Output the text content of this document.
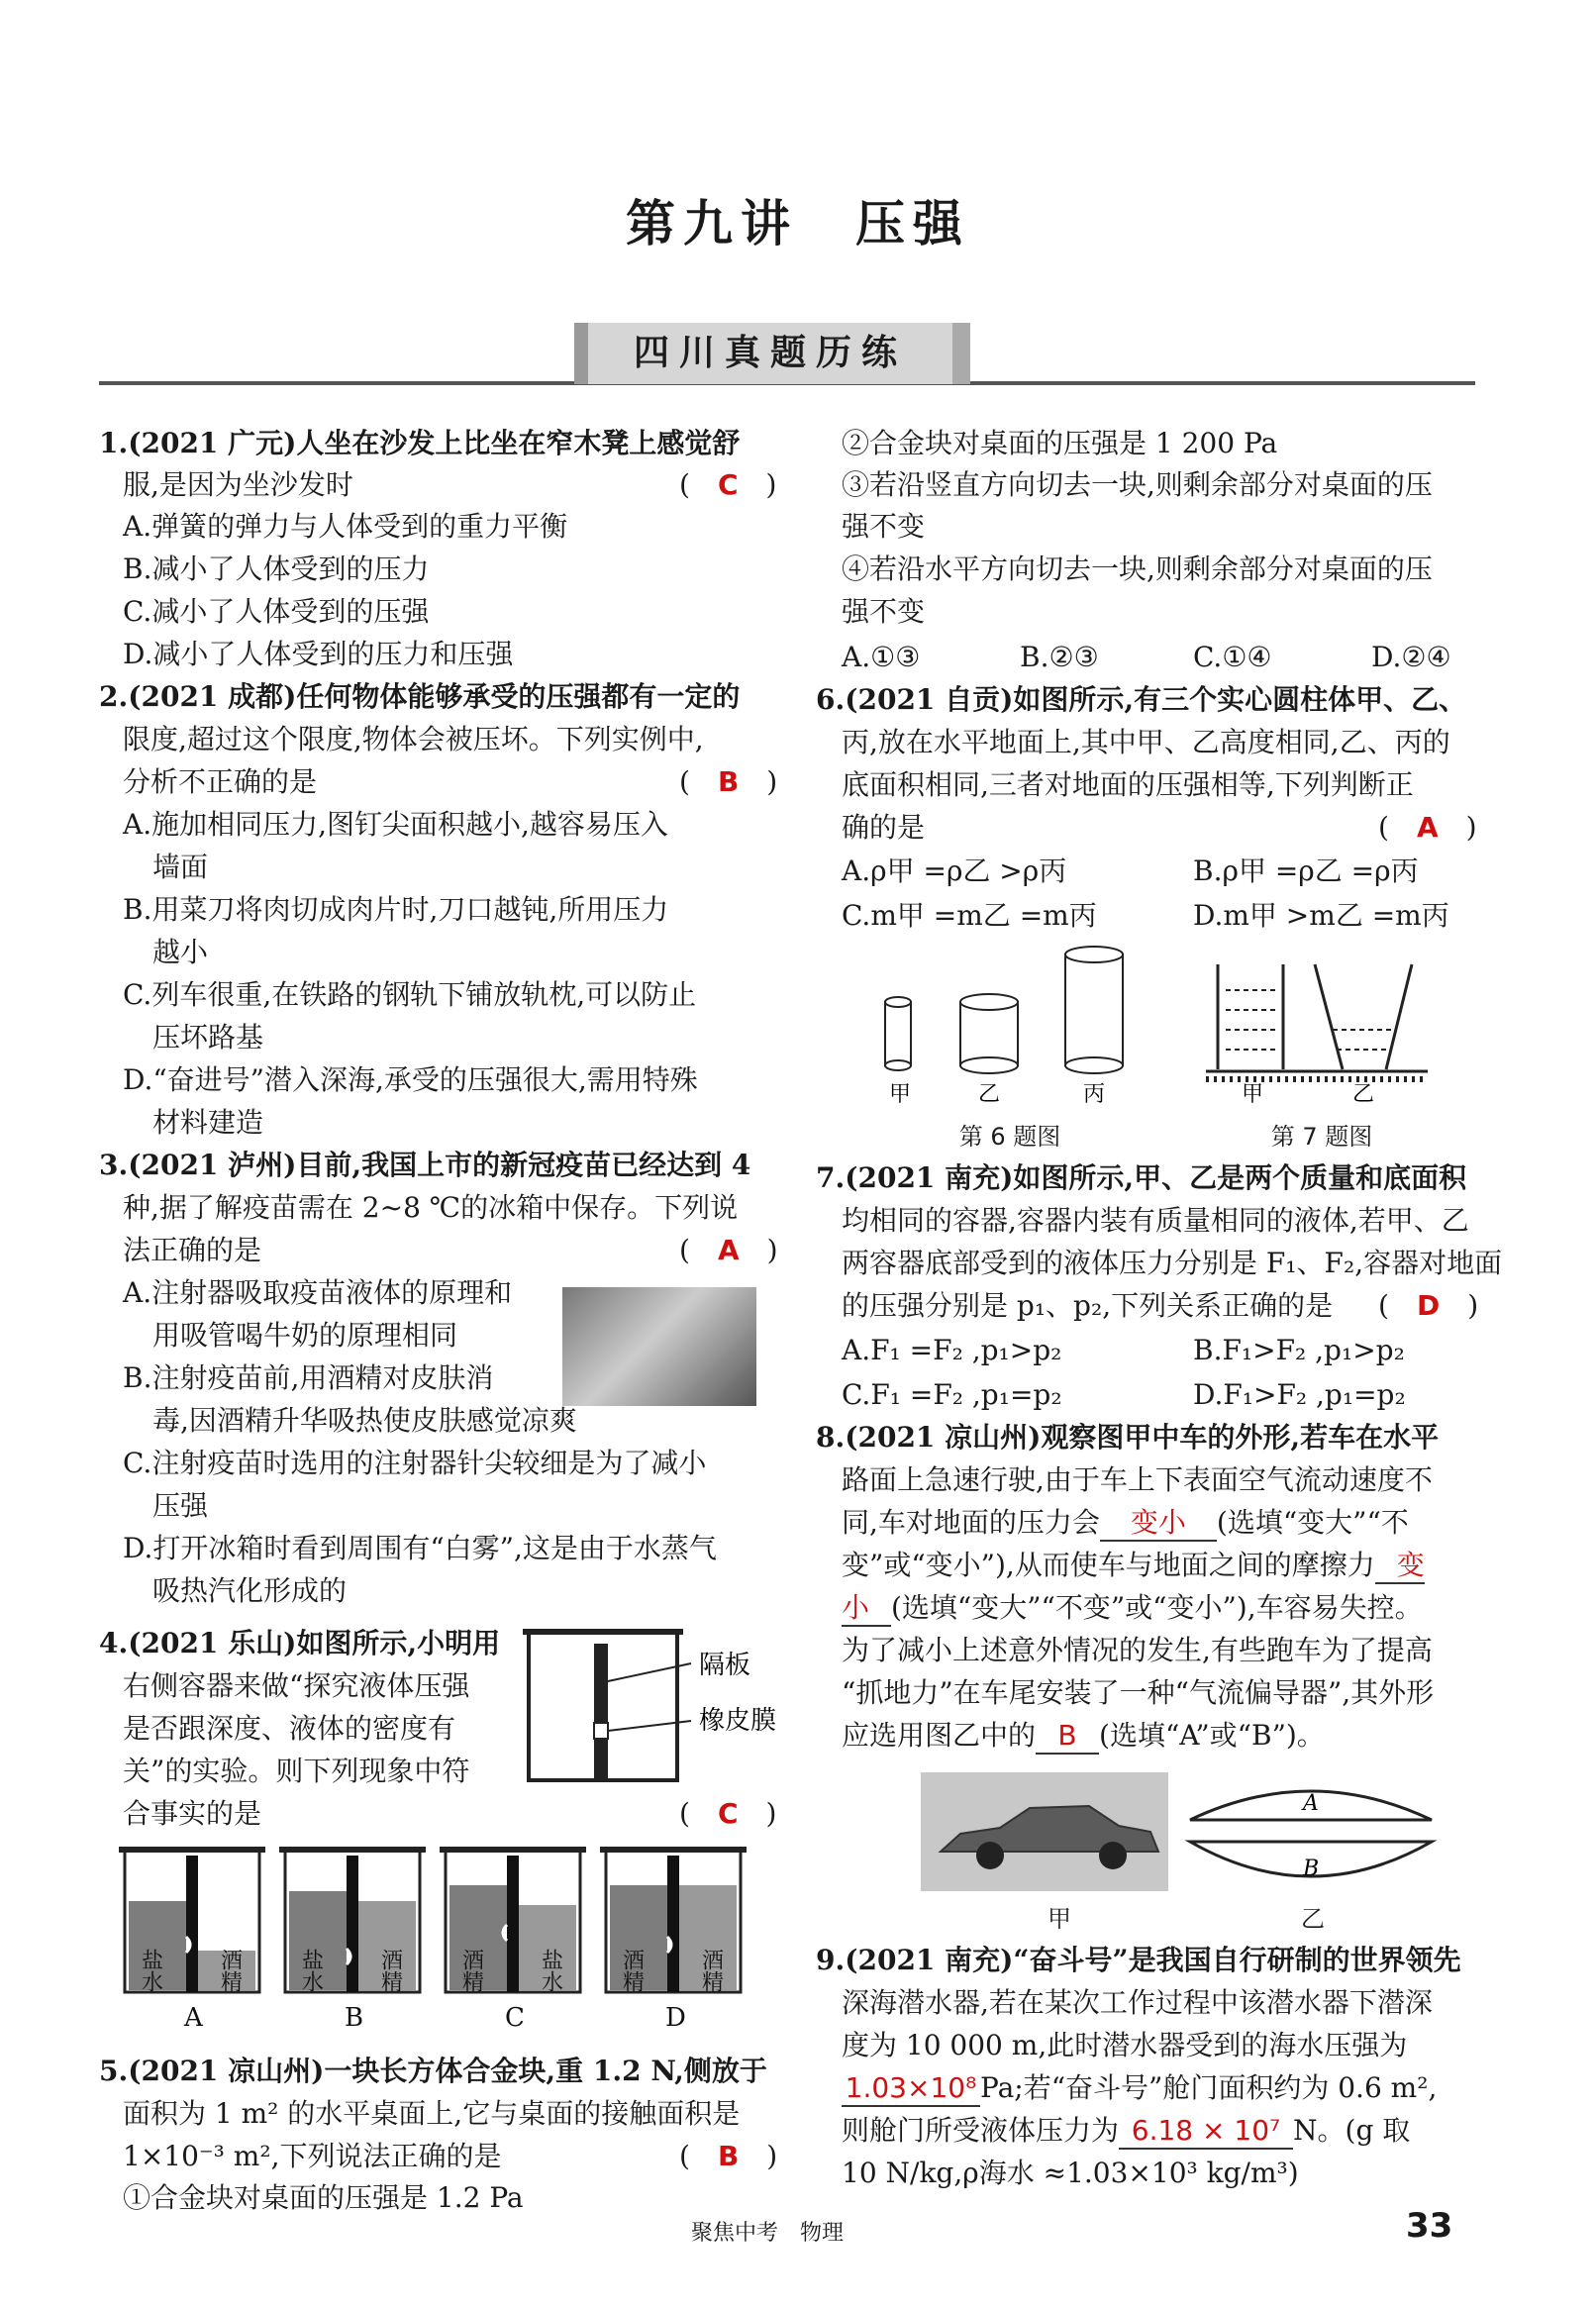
第九讲　压强
四川真题历练
1.(2021 广元)人坐在沙发上比坐在窄木凳上感觉舒
服,是因为坐沙发时	(　C　)
A.弹簧的弹力与人体受到的重力平衡
B.减小了人体受到的压力
C.减小了人体受到的压强
D.减小了人体受到的压力和压强
2.(2021 成都)任何物体能够承受的压强都有一定的
限度,超过这个限度,物体会被压坏。下列实例中,
分析不正确的是	(　B　)
A.施加相同压力,图钉尖面积越小,越容易压入
墙面
B.用菜刀将肉切成肉片时,刀口越钝,所用压力
越小
C.列车很重,在铁路的钢轨下铺放轨枕,可以防止
压坏路基
D.“奋进号”潜入深海,承受的压强很大,需用特殊
材料建造
3.(2021 泸州)目前,我国上市的新冠疫苗已经达到 4
种,据了解疫苗需在 2~8 ℃的冰箱中保存。下列说
法正确的是	(　A　)
A.注射器吸取疫苗液体的原理和
用吸管喝牛奶的原理相同
B.注射疫苗前,用酒精对皮肤消
毒,因酒精升华吸热使皮肤感觉凉爽
C.注射疫苗时选用的注射器针尖较细是为了减小
压强
D.打开冰箱时看到周围有“白雾”,这是由于水蒸气
吸热汽化形成的
4.(2021 乐山)如图所示,小明用
右侧容器来做“探究液体压强
是否跟深度、液体的密度有
关”的实验。则下列现象中符
合事实的是	(　C　)
隔板
橡皮膜
盐水	酒精
A
盐水	酒精
B
酒精	盐水
C
酒精	酒精
D
5.(2021 凉山州)一块长方体合金块,重 1.2 N,侧放于
面积为 1 m² 的水平桌面上,它与桌面的接触面积是
1×10⁻³ m²,下列说法正确的是	(　B　)
①合金块对桌面的压强是 1.2 Pa
②合金块对桌面的压强是 1 200 Pa
③若沿竖直方向切去一块,则剩余部分对桌面的压
强不变
④若沿水平方向切去一块,则剩余部分对桌面的压
强不变
A.①③	B.②③	C.①④	D.②④
6.(2021 自贡)如图所示,有三个实心圆柱体甲、乙、
丙,放在水平地面上,其中甲、乙高度相同,乙、丙的
底面积相同,三者对地面的压强相等,下列判断正
确的是	(　A　)
A.ρ甲 =ρ乙 >ρ丙	B.ρ甲 =ρ乙 =ρ丙
C.m甲 =m乙 =m丙	D.m甲 >m乙 =m丙
甲	乙	丙
第 6 题图
甲	乙
第 7 题图
7.(2021 南充)如图所示,甲、乙是两个质量和底面积
均相同的容器,容器内装有质量相同的液体,若甲、乙
两容器底部受到的液体压力分别是 F₁、F₂,容器对地面
的压强分别是 p₁、p₂,下列关系正确的是 (　D　)
A.F₁ =F₂ ,p₁>p₂	B.F₁>F₂ ,p₁>p₂
C.F₁ =F₂ ,p₁=p₂	D.F₁>F₂ ,p₁=p₂
8.(2021 凉山州)观察图甲中车的外形,若车在水平
路面上急速行驶,由于车上下表面空气流动速度不
同,车对地面的压力会 变小 (选填“变大”“不
变”或“变小”),从而使车与地面之间的摩擦力 变
小 (选填“变大”“不变”或“变小”),车容易失控。
为了减小上述意外情况的发生,有些跑车为了提高
“抓地力”在车尾安装了一种“气流偏导器”,其外形
应选用图乙中的 B (选填“A”或“B”)。
A
B
甲	乙
9.(2021 南充)“奋斗号”是我国自行研制的世界领先
深海潜水器,若在某次工作过程中该潜水器下潜深
度为 10 000 m,此时潜水器受到的海水压强为
1.03×10⁸ Pa;若“奋斗号”舱门面积约为 0.6 m²,
则舱门所受液体压力为 6.18 × 10⁷ N。(g 取
10 N/kg,ρ海水 ≈1.03×10³ kg/m³)
聚焦中考　物理	33
